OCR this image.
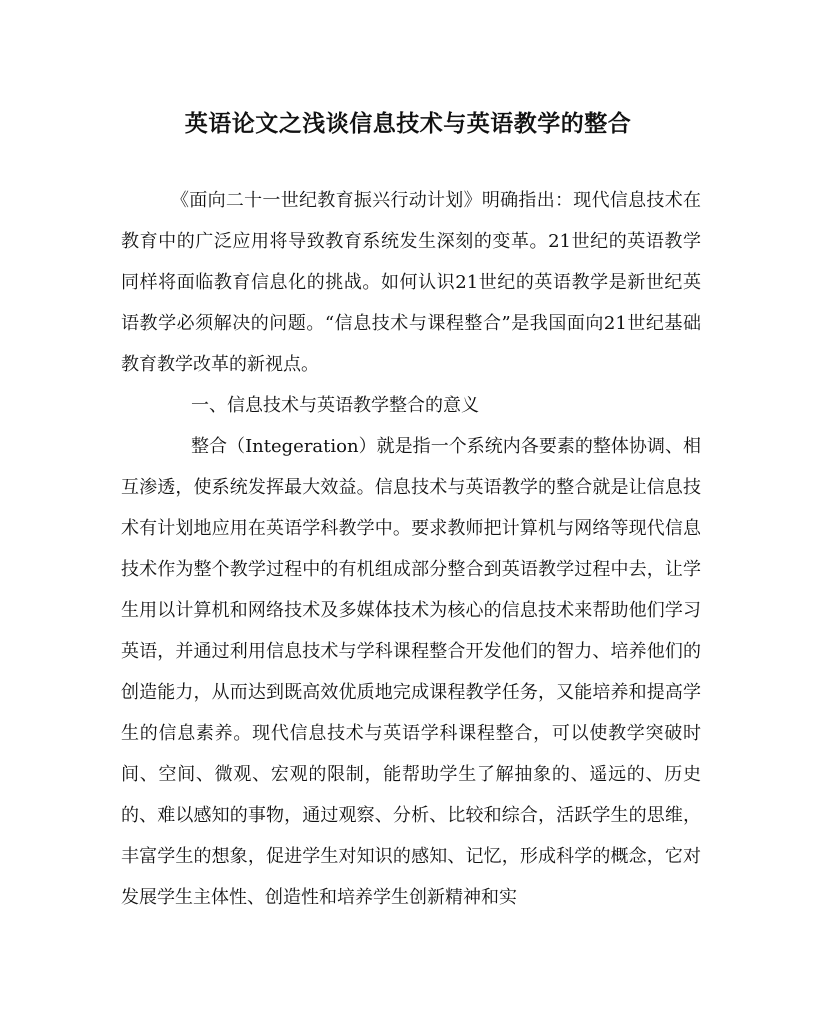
英语论文之浅谈信息技术与英语教学的整合

《面向二十一世纪教育振兴行动计划》明确指出：现代信息技术在教育中的广泛应用将导致教育系统发生深刻的变革。21世纪的英语教学同样将面临教育信息化的挑战。如何认识21世纪的英语教学是新世纪英语教学必须解决的问题。“信息技术与课程整合”是我国面向21世纪基础教育教学改革的新视点。

一、信息技术与英语教学整合的意义

整合（Integeration）就是指一个系统内各要素的整体协调、相互渗透，使系统发挥最大效益。信息技术与英语教学的整合就是让信息技术有计划地应用在英语学科教学中。要求教师把计算机与网络等现代信息技术作为整个教学过程中的有机组成部分整合到英语教学过程中去，让学生用以计算机和网络技术及多媒体技术为核心的信息技术来帮助他们学习英语，并通过利用信息技术与学科课程整合开发他们的智力、培养他们的创造能力，从而达到既高效优质地完成课程教学任务，又能培养和提高学生的信息素养。现代信息技术与英语学科课程整合，可以使教学突破时间、空间、微观、宏观的限制，能帮助学生了解抽象的、遥远的、历史的、难以感知的事物，通过观察、分析、比较和综合，活跃学生的思维，丰富学生的想象，促进学生对知识的感知、记忆，形成科学的概念，它对发展学生主体性、创造性和培养学生创新精神和实
